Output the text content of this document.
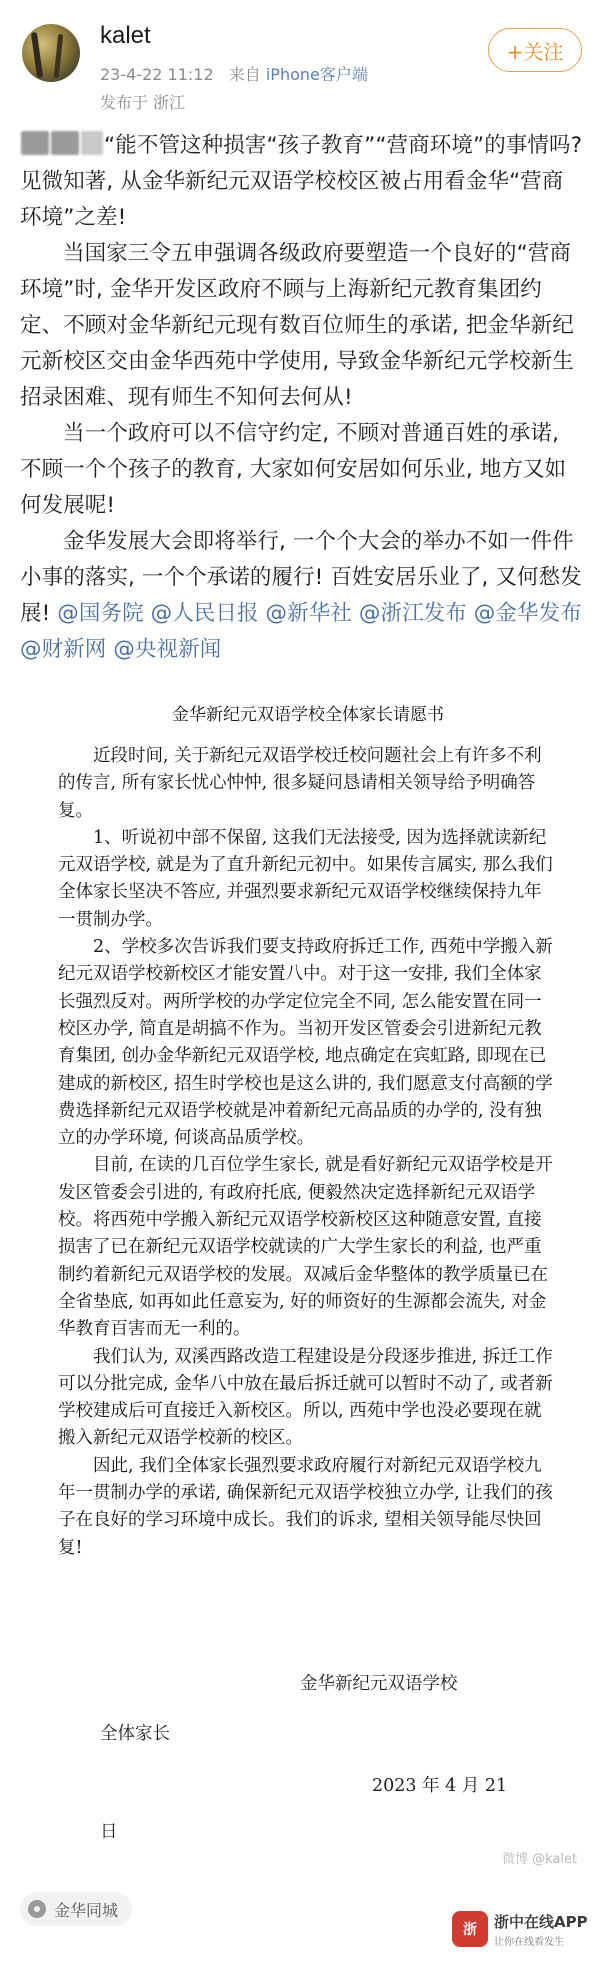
kalet
23-4-22 11:12 来自 iPhone客户端
发布于 浙江
+关注

“能不管这种损害“孩子教育”“营商环境”的事情吗? 见微知著, 从金华新纪元双语学校校区被占用看金华“营商环境”之差!

当国家三令五申强调各级政府要塑造一个良好的“营商环境”时, 金华开发区政府不顾与上海新纪元教育集团约定、不顾对金华新纪元现有数百位师生的承诺, 把金华新纪元新校区交由金华西苑中学使用, 导致金华新纪元学校新生招录困难、现有师生不知何去何从!

当一个政府可以不信守约定, 不顾对普通百姓的承诺, 不顾一个个孩子的教育, 大家如何安居如何乐业, 地方又如何发展呢!

金华发展大会即将举行, 一个个大会的举办不如一件件小事的落实, 一个个承诺的履行! 百姓安居乐业了, 又何愁发展! @国务院 @人民日报 @新华社 @浙江发布 @金华发布 @财新网 @央视新闻

金华新纪元双语学校全体家长请愿书

近段时间, 关于新纪元双语学校迁校问题社会上有许多不利的传言, 所有家长忧心忡忡, 很多疑问恳请相关领导给予明确答复。

1、听说初中部不保留, 这我们无法接受, 因为选择就读新纪元双语学校, 就是为了直升新纪元初中。如果传言属实, 那么我们全体家长坚决不答应, 并强烈要求新纪元双语学校继续保持九年一贯制办学。

2、学校多次告诉我们要支持政府拆迁工作, 西苑中学搬入新纪元双语学校新校区才能安置八中。对于这一安排, 我们全体家长强烈反对。两所学校的办学定位完全不同, 怎么能安置在同一校区办学, 简直是胡搞不作为。当初开发区管委会引进新纪元教育集团, 创办金华新纪元双语学校, 地点确定在宾虹路, 即现在已建成的新校区, 招生时学校也是这么讲的, 我们愿意支付高额的学费选择新纪元双语学校就是冲着新纪元高品质的办学的, 没有独立的办学环境, 何谈高品质学校。

目前, 在读的几百位学生家长, 就是看好新纪元双语学校是开发区管委会引进的, 有政府托底, 便毅然决定选择新纪元双语学校。将西苑中学搬入新纪元双语学校新校区这种随意安置, 直接损害了已在新纪元双语学校就读的广大学生家长的利益, 也严重制约着新纪元双语学校的发展。双减后金华整体的教学质量已在全省垫底, 如再如此任意妄为, 好的师资好的生源都会流失, 对金华教育百害而无一利的。

我们认为, 双溪西路改造工程建设是分段逐步推进, 拆迁工作可以分批完成, 金华八中放在最后拆迁就可以暂时不动了, 或者新学校建成后可直接迁入新校区。所以, 西苑中学也没必要现在就搬入新纪元双语学校新的校区。

因此, 我们全体家长强烈要求政府履行对新纪元双语学校九年一贯制办学的承诺, 确保新纪元双语学校独立办学, 让我们的孩子在良好的学习环境中成长。我们的诉求, 望相关领导能尽快回复!

金华新纪元双语学校
全体家长
2023 年 4 月 21
日
微博 @kalet
金华同城
浙	浙中在线APP
让你在线看发生
